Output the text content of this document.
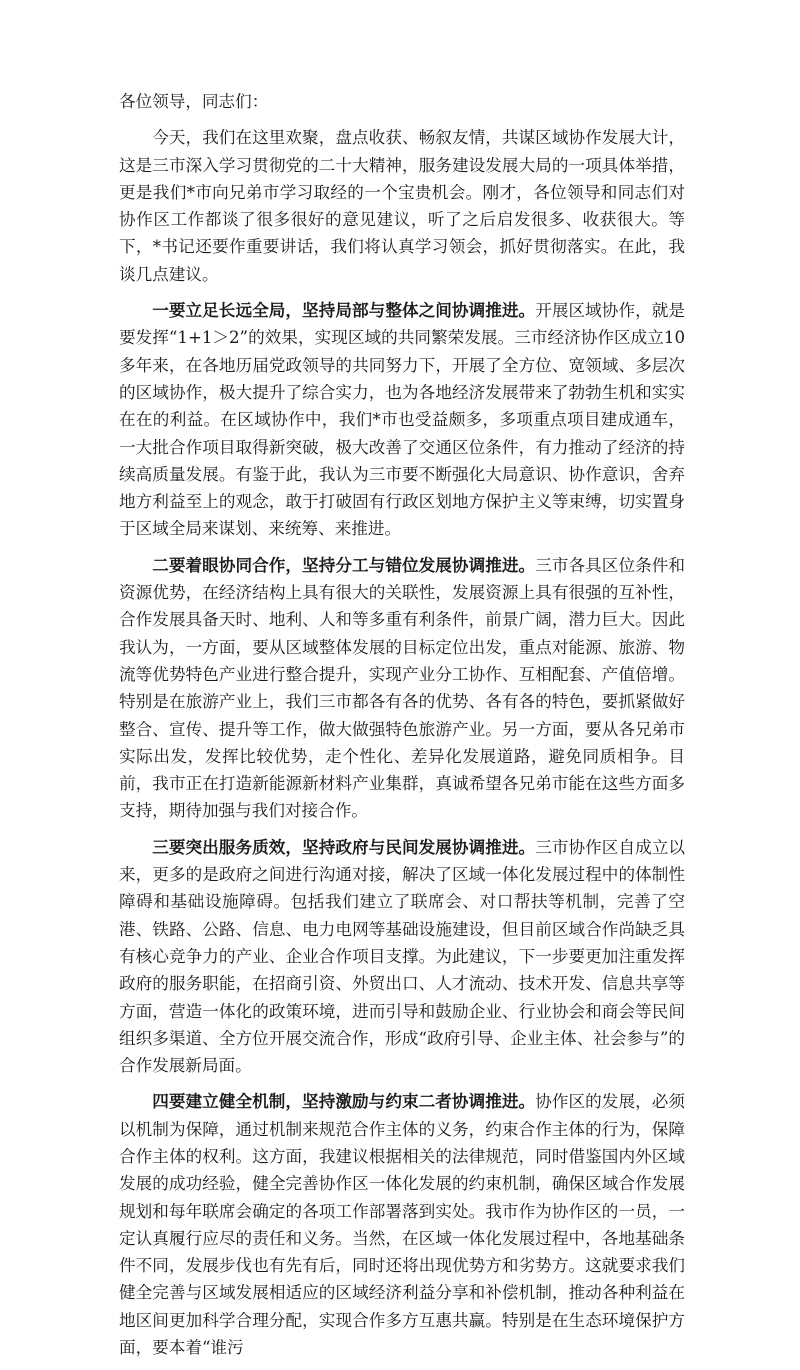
各位领导，同志们：

今天，我们在这里欢聚，盘点收获、畅叙友情，共谋区域协作发展大计，这是三市深入学习贯彻党的二十大精神，服务建设发展大局的一项具体举措，更是我们*市向兄弟市学习取经的一个宝贵机会。刚才，各位领导和同志们对协作区工作都谈了很多很好的意见建议，听了之后启发很多、收获很大。等下，*书记还要作重要讲话，我们将认真学习领会，抓好贯彻落实。在此，我谈几点建议。

一要立足长远全局，坚持局部与整体之间协调推进。开展区域协作，就是要发挥“1+1＞2”的效果，实现区域的共同繁荣发展。三市经济协作区成立10多年来，在各地历届党政领导的共同努力下，开展了全方位、宽领域、多层次的区域协作，极大提升了综合实力，也为各地经济发展带来了勃勃生机和实实在在的利益。在区域协作中，我们*市也受益颇多，多项重点项目建成通车，一大批合作项目取得新突破，极大改善了交通区位条件，有力推动了经济的持续高质量发展。有鉴于此，我认为三市要不断强化大局意识、协作意识，舍弃地方利益至上的观念，敢于打破固有行政区划地方保护主义等束缚，切实置身于区域全局来谋划、来统筹、来推进。

二要着眼协同合作，坚持分工与错位发展协调推进。三市各具区位条件和资源优势，在经济结构上具有很大的关联性，发展资源上具有很强的互补性，合作发展具备天时、地利、人和等多重有利条件，前景广阔，潜力巨大。因此我认为，一方面，要从区域整体发展的目标定位出发，重点对能源、旅游、物流等优势特色产业进行整合提升，实现产业分工协作、互相配套、产值倍增。特别是在旅游产业上，我们三市都各有各的优势、各有各的特色，要抓紧做好整合、宣传、提升等工作，做大做强特色旅游产业。另一方面，要从各兄弟市实际出发，发挥比较优势，走个性化、差异化发展道路，避免同质相争。目前，我市正在打造新能源新材料产业集群，真诚希望各兄弟市能在这些方面多支持，期待加强与我们对接合作。

三要突出服务质效，坚持政府与民间发展协调推进。三市协作区自成立以来，更多的是政府之间进行沟通对接，解决了区域一体化发展过程中的体制性障碍和基础设施障碍。包括我们建立了联席会、对口帮扶等机制，完善了空港、铁路、公路、信息、电力电网等基础设施建设，但目前区域合作尚缺乏具有核心竞争力的产业、企业合作项目支撑。为此建议，下一步要更加注重发挥政府的服务职能，在招商引资、外贸出口、人才流动、技术开发、信息共享等方面，营造一体化的政策环境，进而引导和鼓励企业、行业协会和商会等民间组织多渠道、全方位开展交流合作，形成“政府引导、企业主体、社会参与”的合作发展新局面。

四要建立健全机制，坚持激励与约束二者协调推进。协作区的发展，必须以机制为保障，通过机制来规范合作主体的义务，约束合作主体的行为，保障合作主体的权利。这方面，我建议根据相关的法律规范，同时借鉴国内外区域发展的成功经验，健全完善协作区一体化发展的约束机制，确保区域合作发展规划和每年联席会确定的各项工作部署落到实处。我市作为协作区的一员，一定认真履行应尽的责任和义务。当然，在区域一体化发展过程中，各地基础条件不同，发展步伐也有先有后，同时还将出现优势方和劣势方。这就要求我们健全完善与区域发展相适应的区域经济利益分享和补偿机制，推动各种利益在地区间更加科学合理分配，实现合作多方互惠共赢。特别是在生态环境保护方面，要本着“谁污
